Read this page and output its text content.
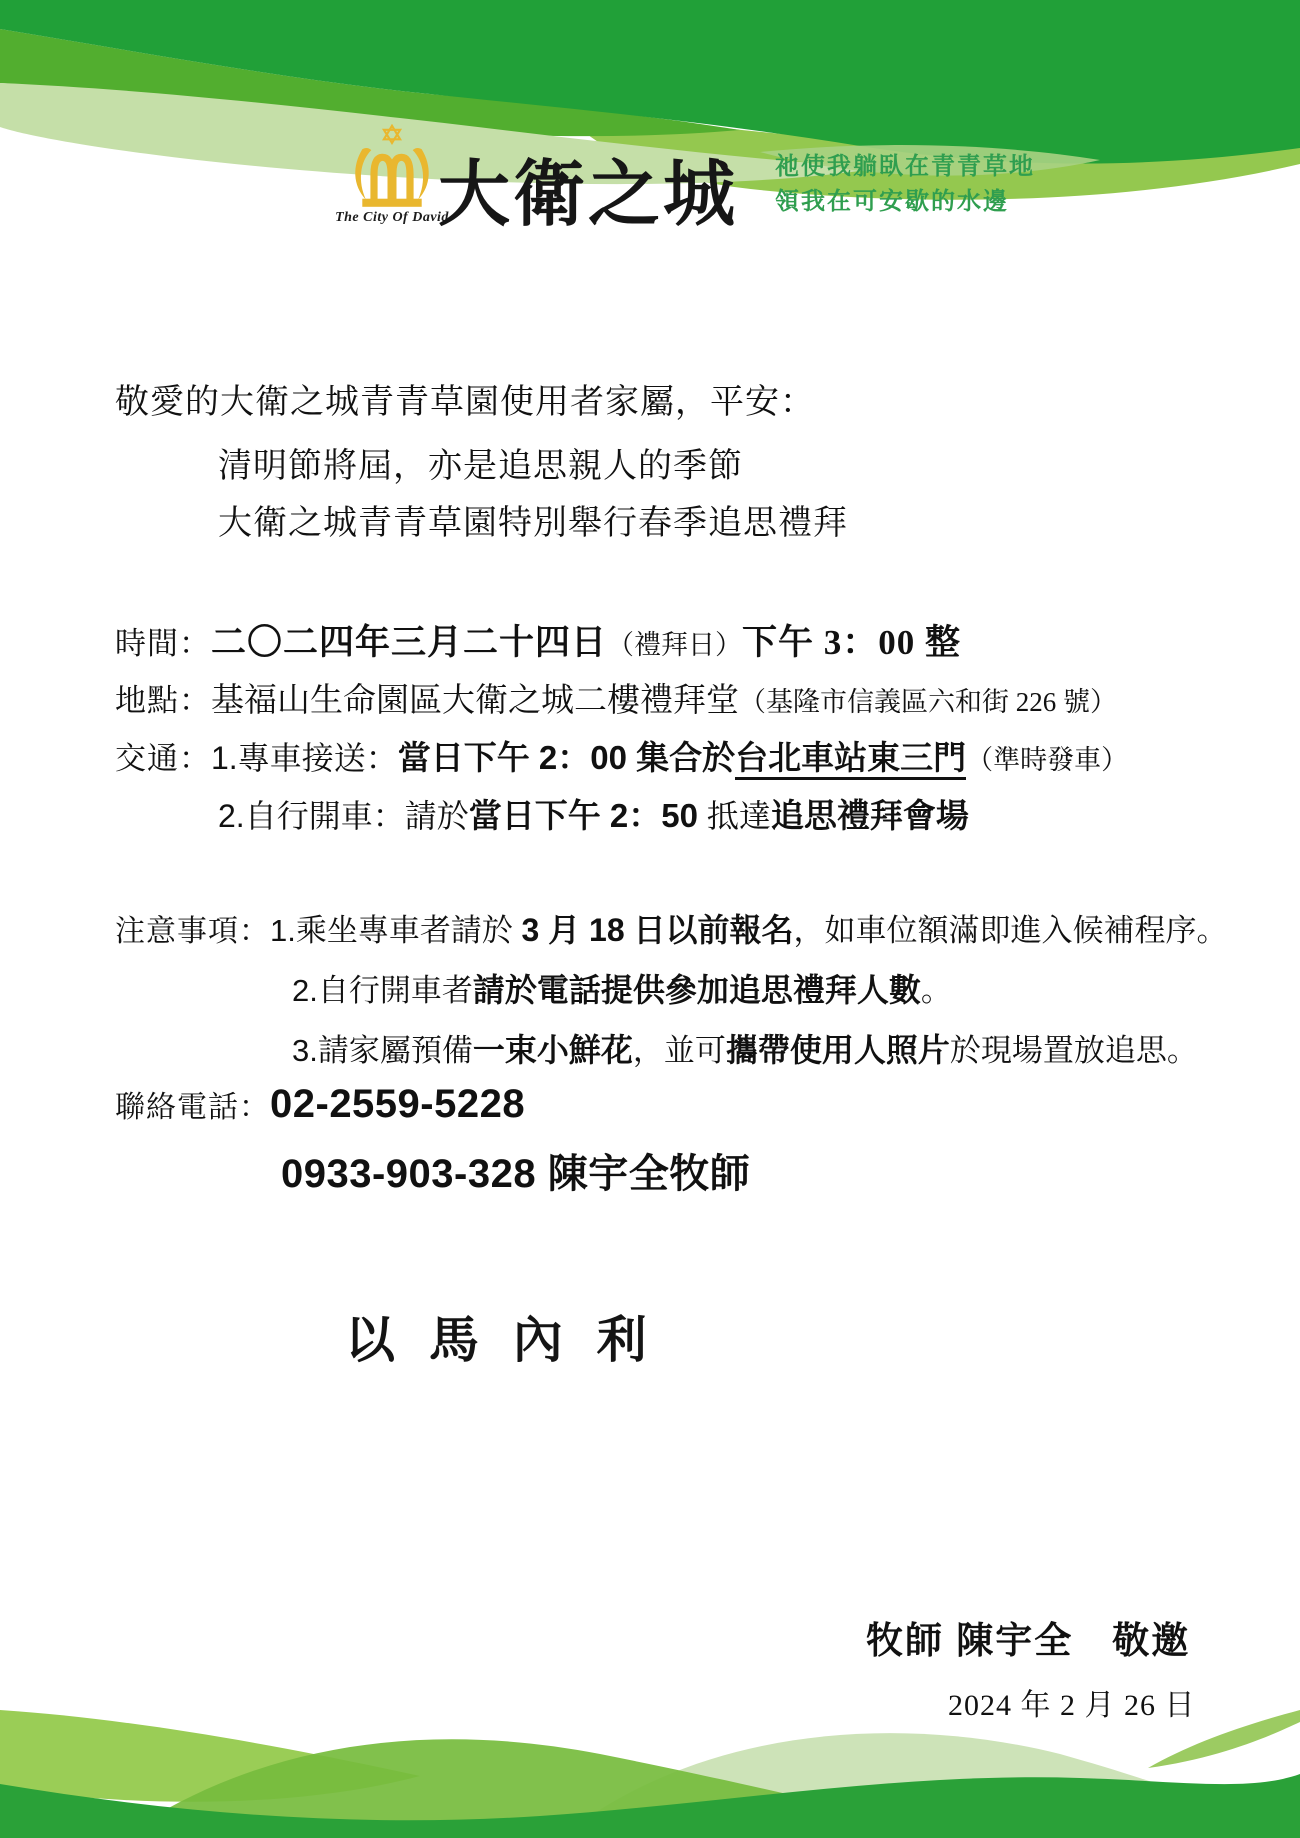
The City Of David
大衛之城 祂使我躺臥在青青草地
領我在可安歇的水邊
敬愛的大衛之城青青草園使用者家屬，平安：
清明節將屆，亦是追思親人的季節
大衛之城青青草園特別舉行春季追思禮拜
時間：二〇二四年三月二十四日（禮拜日）下午 3：00 整
地點：基福山生命園區大衛之城二樓禮拜堂（基隆市信義區六和街 226 號）
交通：1.專車接送：當日下午 2：00 集合於台北車站東三門（準時發車）
2.自行開車：請於當日下午 2：50 抵達追思禮拜會場
注意事項：1.乘坐專車者請於 3 月 18 日以前報名，如車位額滿即進入候補程序。
2.自行開車者請於電話提供參加追思禮拜人數。
3.請家屬預備一束小鮮花，並可攜帶使用人照片於現場置放追思。
聯絡電話：02-2559-5228
0933-903-328 陳宇全牧師
以 馬 內 利
牧師 陳宇全　敬邀
2024 年 2 月 26 日
